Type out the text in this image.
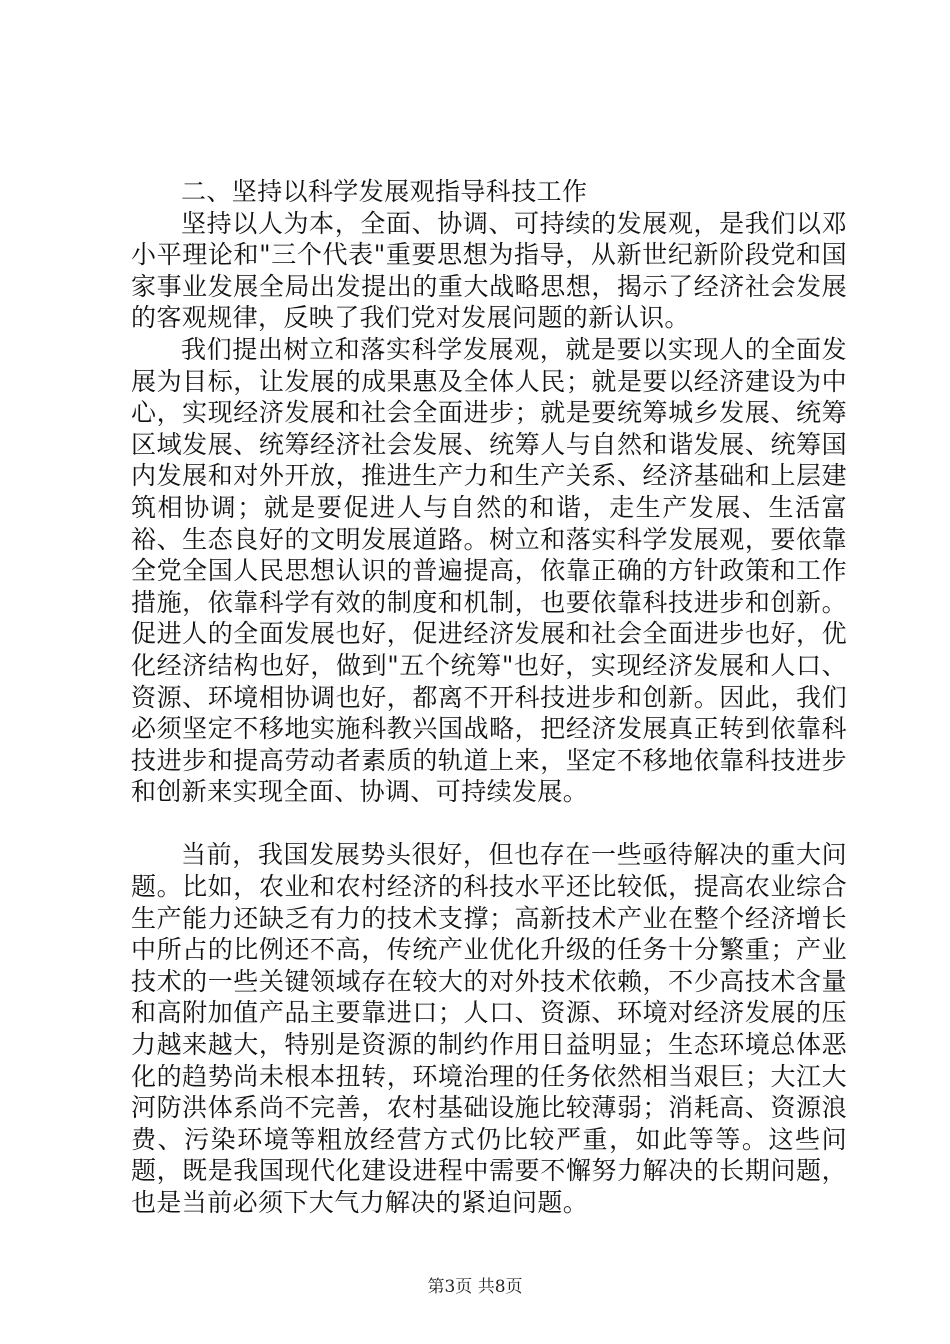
二、坚持以科学发展观指导科技工作

坚持以人为本，全面、协调、可持续的发展观，是我们以邓小平理论和"三个代表"重要思想为指导，从新世纪新阶段党和国家事业发展全局出发提出的重大战略思想，揭示了经济社会发展的客观规律，反映了我们党对发展问题的新认识。

我们提出树立和落实科学发展观，就是要以实现人的全面发展为目标，让发展的成果惠及全体人民；就是要以经济建设为中心，实现经济发展和社会全面进步；就是要统筹城乡发展、统筹区域发展、统筹经济社会发展、统筹人与自然和谐发展、统筹国内发展和对外开放，推进生产力和生产关系、经济基础和上层建筑相协调；就是要促进人与自然的和谐，走生产发展、生活富裕、生态良好的文明发展道路。树立和落实科学发展观，要依靠全党全国人民思想认识的普遍提高，依靠正确的方针政策和工作措施，依靠科学有效的制度和机制，也要依靠科技进步和创新。促进人的全面发展也好，促进经济发展和社会全面进步也好，优化经济结构也好，做到"五个统筹"也好，实现经济发展和人口、资源、环境相协调也好，都离不开科技进步和创新。因此，我们必须坚定不移地实施科教兴国战略，把经济发展真正转到依靠科技进步和提高劳动者素质的轨道上来，坚定不移地依靠科技进步和创新来实现全面、协调、可持续发展。

当前，我国发展势头很好，但也存在一些亟待解决的重大问题。比如，农业和农村经济的科技水平还比较低，提高农业综合生产能力还缺乏有力的技术支撑；高新技术产业在整个经济增长中所占的比例还不高，传统产业优化升级的任务十分繁重；产业技术的一些关键领域存在较大的对外技术依赖，不少高技术含量和高附加值产品主要靠进口；人口、资源、环境对经济发展的压力越来越大，特别是资源的制约作用日益明显；生态环境总体恶化的趋势尚未根本扭转，环境治理的任务依然相当艰巨；大江大河防洪体系尚不完善，农村基础设施比较薄弱；消耗高、资源浪费、污染环境等粗放经营方式仍比较严重，如此等等。这些问题，既是我国现代化建设进程中需要不懈努力解决的长期问题，也是当前必须下大气力解决的紧迫问题。

第3页 共8页
